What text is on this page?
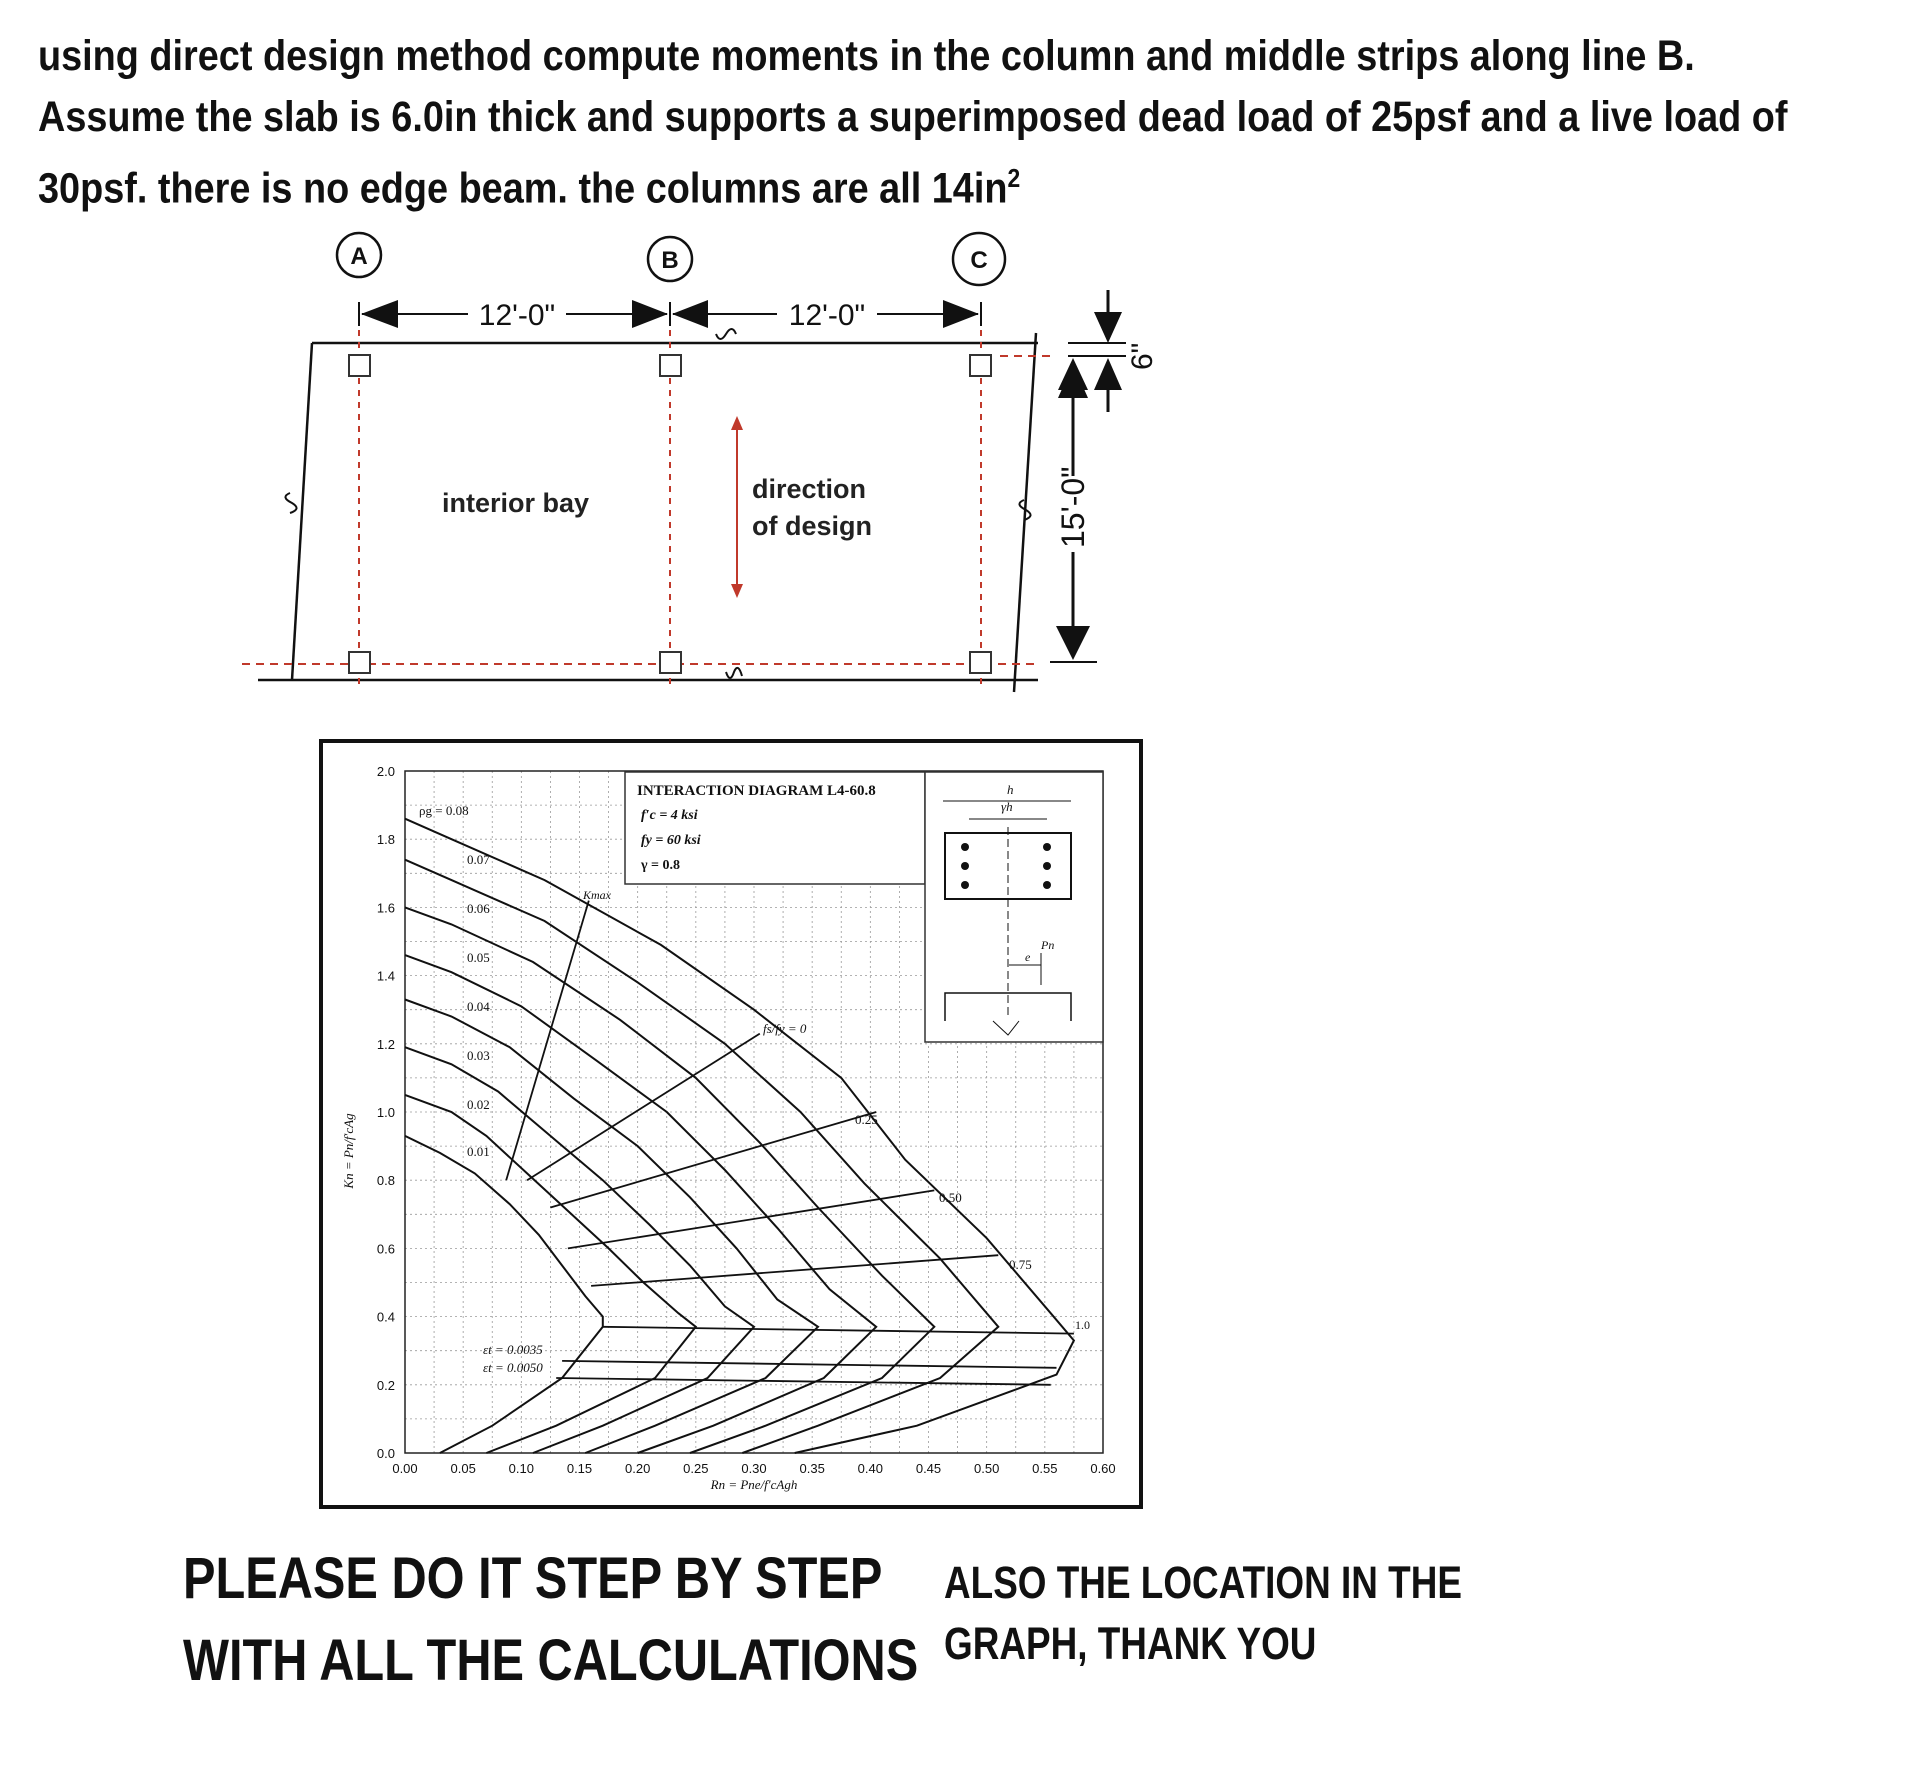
using direct design method compute moments in the column and middle strips along line B.

Assume the slab is 6.0in thick and supports a superimposed dead load of 25psf and a live load of

30psf. there is no edge beam. the columns are all $14in^2$

A	B	C
12'-0"	12'-0"
interior bay	direction
of design	15'-0"
6"
0.00	0.05	0.10	0.15	0.20	0.25	0.30	0.35	0.40	0.45	0.50	0.55	0.60
0.0
0.2
0.4
0.6
0.8
1.0
1.2
1.4
1.6
1.8
2.0
INTERACTION DIAGRAM L4-60.8
f′c = 4 ksi
fy = 60 ksi
γ = 0.8
h
γh
Pn
e
ρg = 0.08
0.07
0.06
0.05
0.04
0.03
0.02
0.01
Kmax
fs/fy = 0
0.25
0.50
0.75
1.0
εt = 0.0035
εt = 0.0050
Kn = Pn/f′cAg
Rn = Pne/f′cAgh

PLEASE DO IT STEP BY STEP

WITH ALL THE CALCULATIONS

ALSO THE LOCATION IN THE

GRAPH, THANK YOU
